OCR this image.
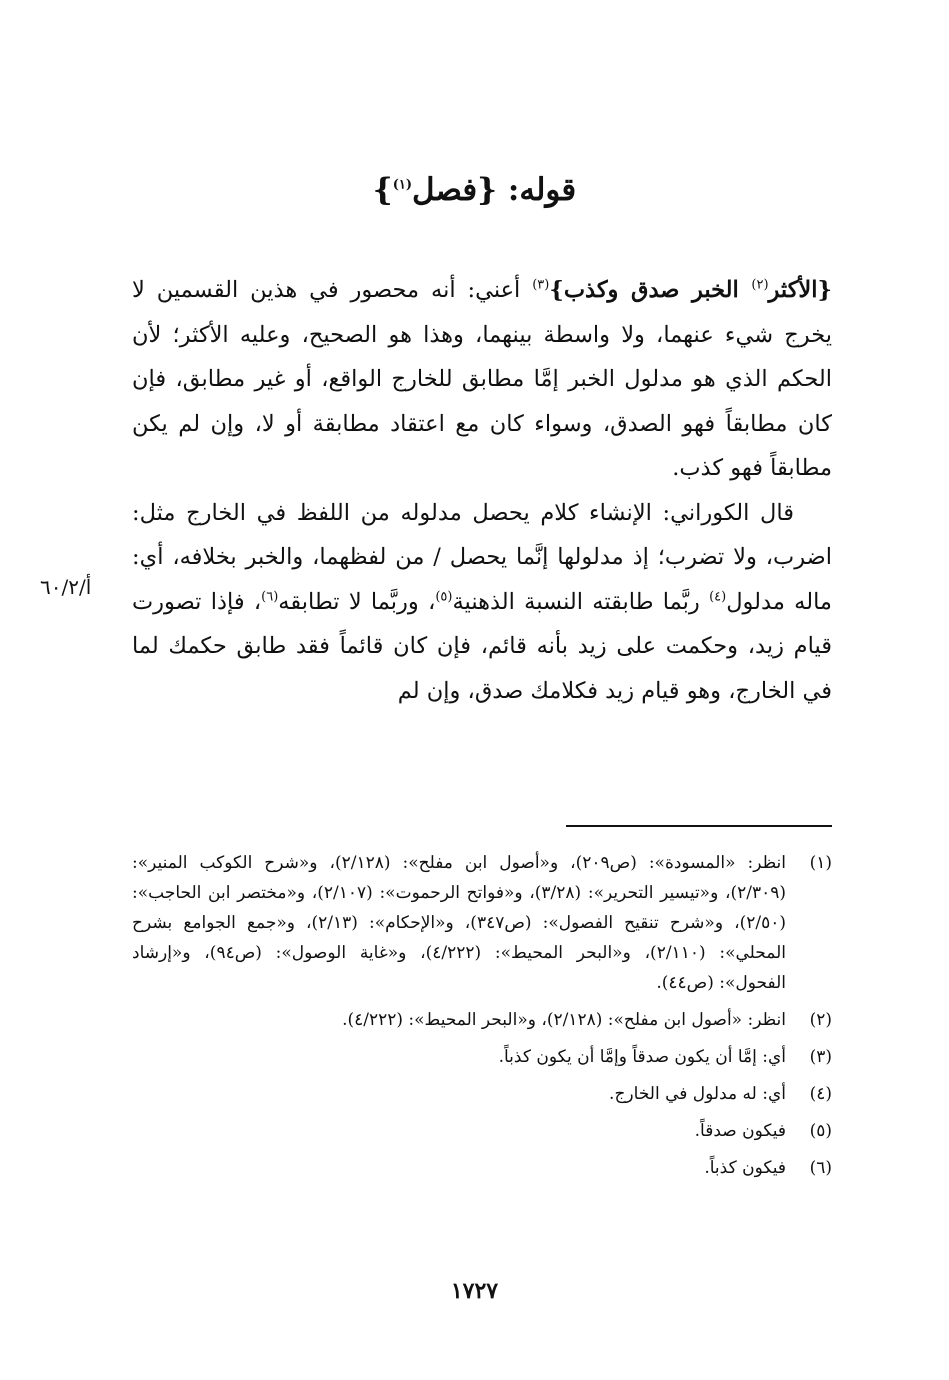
قوله: {فصل$^{(١)}$}

{الأكثر$^{(٢)}$ الخبر صدق وكذب}$^{(٣)}$ أعني: أنه محصور في هذين القسمين لا يخرج شيء عنهما، ولا واسطة بينهما، وهذا هو الصحيح، وعليه الأكثر؛ لأن الحكم الذي هو مدلول الخبر إمَّا مطابق للخارج الواقع، أو غير مطابق، فإن كان مطابقاً فهو الصدق، وسواء كان مع اعتقاد مطابقة أو لا، وإن لم يكن مطابقاً فهو كذب.

قال الكوراني: الإنشاء كلام يحصل مدلوله من اللفظ في الخارج مثل: اضرب، ولا تضرب؛ إذ مدلولها إنَّما يحصل / من لفظهما، والخبر بخلافه، أي: ماله مدلول$^{(٤)}$ ربَّما طابقته النسبة الذهنية$^{(٥)}$، وربَّما لا تطابقه$^{(٦)}$، فإذا تصورت قيام زيد، وحكمت على زيد بأنه قائم، فإن كان قائماً فقد طابق حكمك لما في الخارج، وهو قيام زيد فكلامك صدق، وإن لم

أ/٦٠/٢
(١)
انظر: «المسودة»: (ص٢٠٩)، و«أصول ابن مفلح»: (٢/١٢٨)، و«شرح الكوكب المنير»: (٢/٣٠٩)، و«تيسير التحرير»: (٣/٢٨)، و«فواتح الرحموت»: (٢/١٠٧)، و«مختصر ابن الحاجب»: (٢/٥٠)، و«شرح تنقيح الفصول»: (ص٣٤٧)، و«الإحكام»: (٢/١٣)، و«جمع الجوامع بشرح المحلي»: (٢/١١٠)، و«البحر المحيط»: (٤/٢٢٢)، و«غاية الوصول»: (ص٩٤)، و«إرشاد الفحول»: (ص٤٤).
(٢)
انظر: «أصول ابن مفلح»: (٢/١٢٨)، و«البحر المحيط»: (٤/٢٢٢).
(٣)
أي: إمَّا أن يكون صدقاً وإمَّا أن يكون كذباً.
(٤)
أي: له مدلول في الخارج.
(٥)
فيكون صدقاً.
(٦)
فيكون كذباً.
١٧٢٧
